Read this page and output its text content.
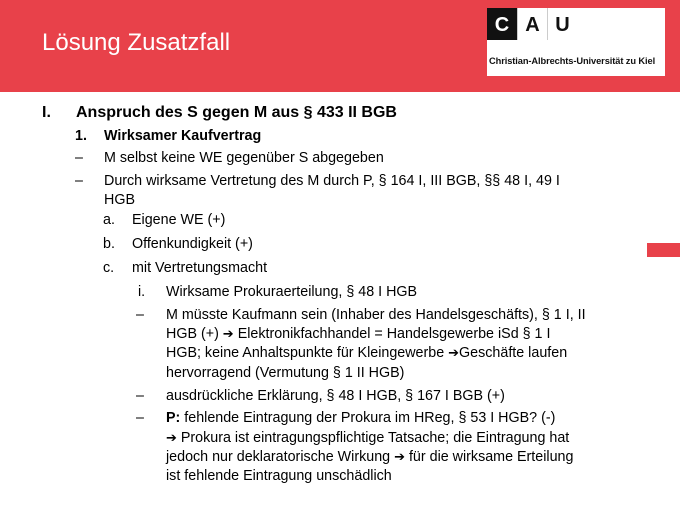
Lösung Zusatzfall
C A U
Christian-Albrechts-Universität zu Kiel
I. Anspruch des S gegen M aus § 433 II BGB
1. Wirksamer Kaufvertrag
– M selbst keine WE gegenüber S abgegeben
– Durch wirksame Vertretung des M durch P, § 164 I, III BGB, §§ 48 I, 49 I
HGB
a. Eigene WE (+)
b. Offenkundigkeit (+)
c. mit Vertretungsmacht
i. Wirksame Prokuraerteilung, § 48 I HGB
– M müsste Kaufmann sein (Inhaber des Handelsgeschäfts), § 1 I, II
HGB (+) ➔ Elektronikfachhandel = Handelsgewerbe iSd § 1 I
HGB; keine Anhaltspunkte für Kleingewerbe ➔Geschäfte laufen
hervorragend (Vermutung § 1 II HGB)
– ausdrückliche Erklärung, § 48 I HGB, § 167 I BGB (+)
– P: fehlende Eintragung der Prokura im HReg, § 53 I HGB? (-)
➔ Prokura ist eintragungspflichtige Tatsache; die Eintragung hat
jedoch nur deklaratorische Wirkung ➔ für die wirksame Erteilung
ist fehlende Eintragung unschädlich
